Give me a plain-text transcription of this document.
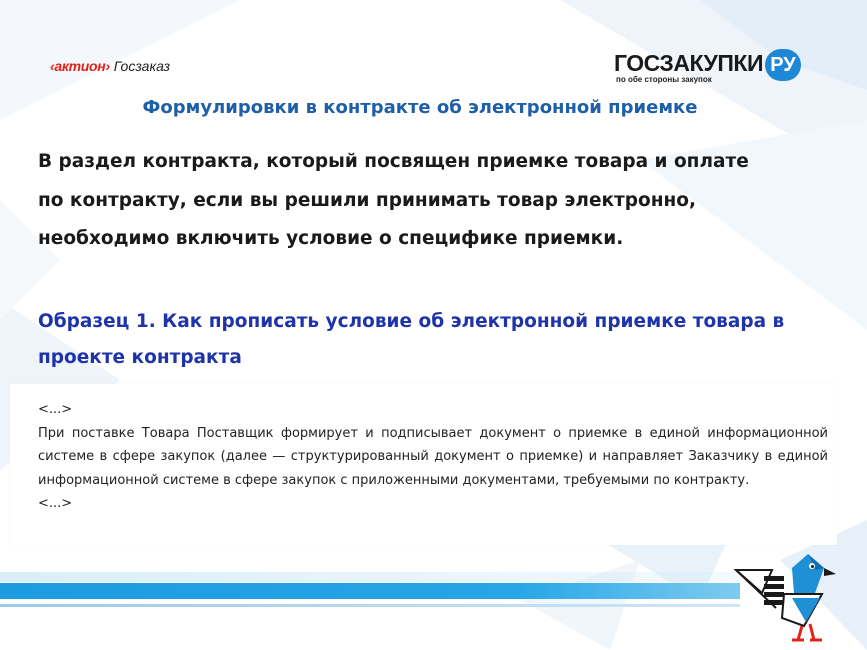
‹актион› Госзаказ	ГОСЗАКУПКИ РУ
по обе стороны закупок
Формулировки в контракте об электронной приемке
В раздел контракта, который посвящен приемке товара и оплате по контракту, если вы решили принимать товар электронно, необходимо включить условие о специфике приемки.
Образец 1. Как прописать условие об электронной приемке товара в проекте контракта
<...>
При поставке Товара Поставщик формирует и подписывает документ о приемке в единой информационной системе в сфере закупок (далее — структурированный документ о приемке) и направляет Заказчику в единой информационной системе в сфере закупок с приложенными документами, требуемыми по контракту.
<...>
